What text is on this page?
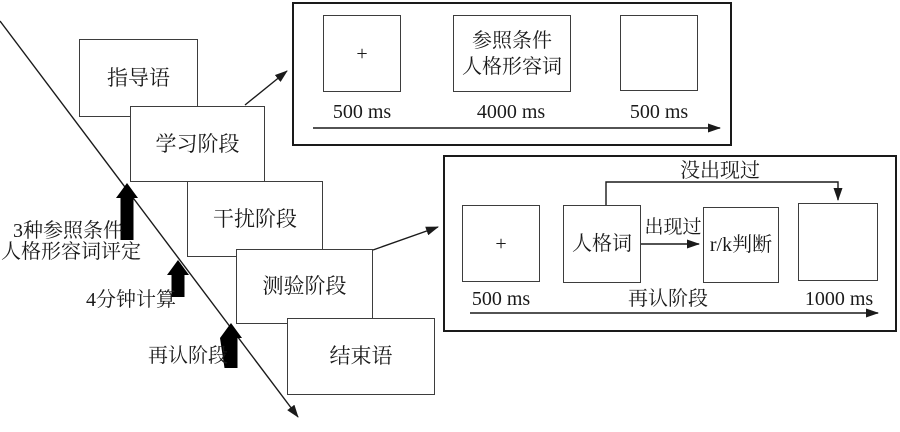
指导语
学习阶段
干扰阶段
测验阶段
结束语
3种参照条件
人格形容词评定
4分钟计算
再认阶段
+
参照条件
人格形容词
500 ms	4000 ms	500 ms
没出现过
+	人格词
出现过
r/k判断
500 ms	再认阶段	1000 ms
